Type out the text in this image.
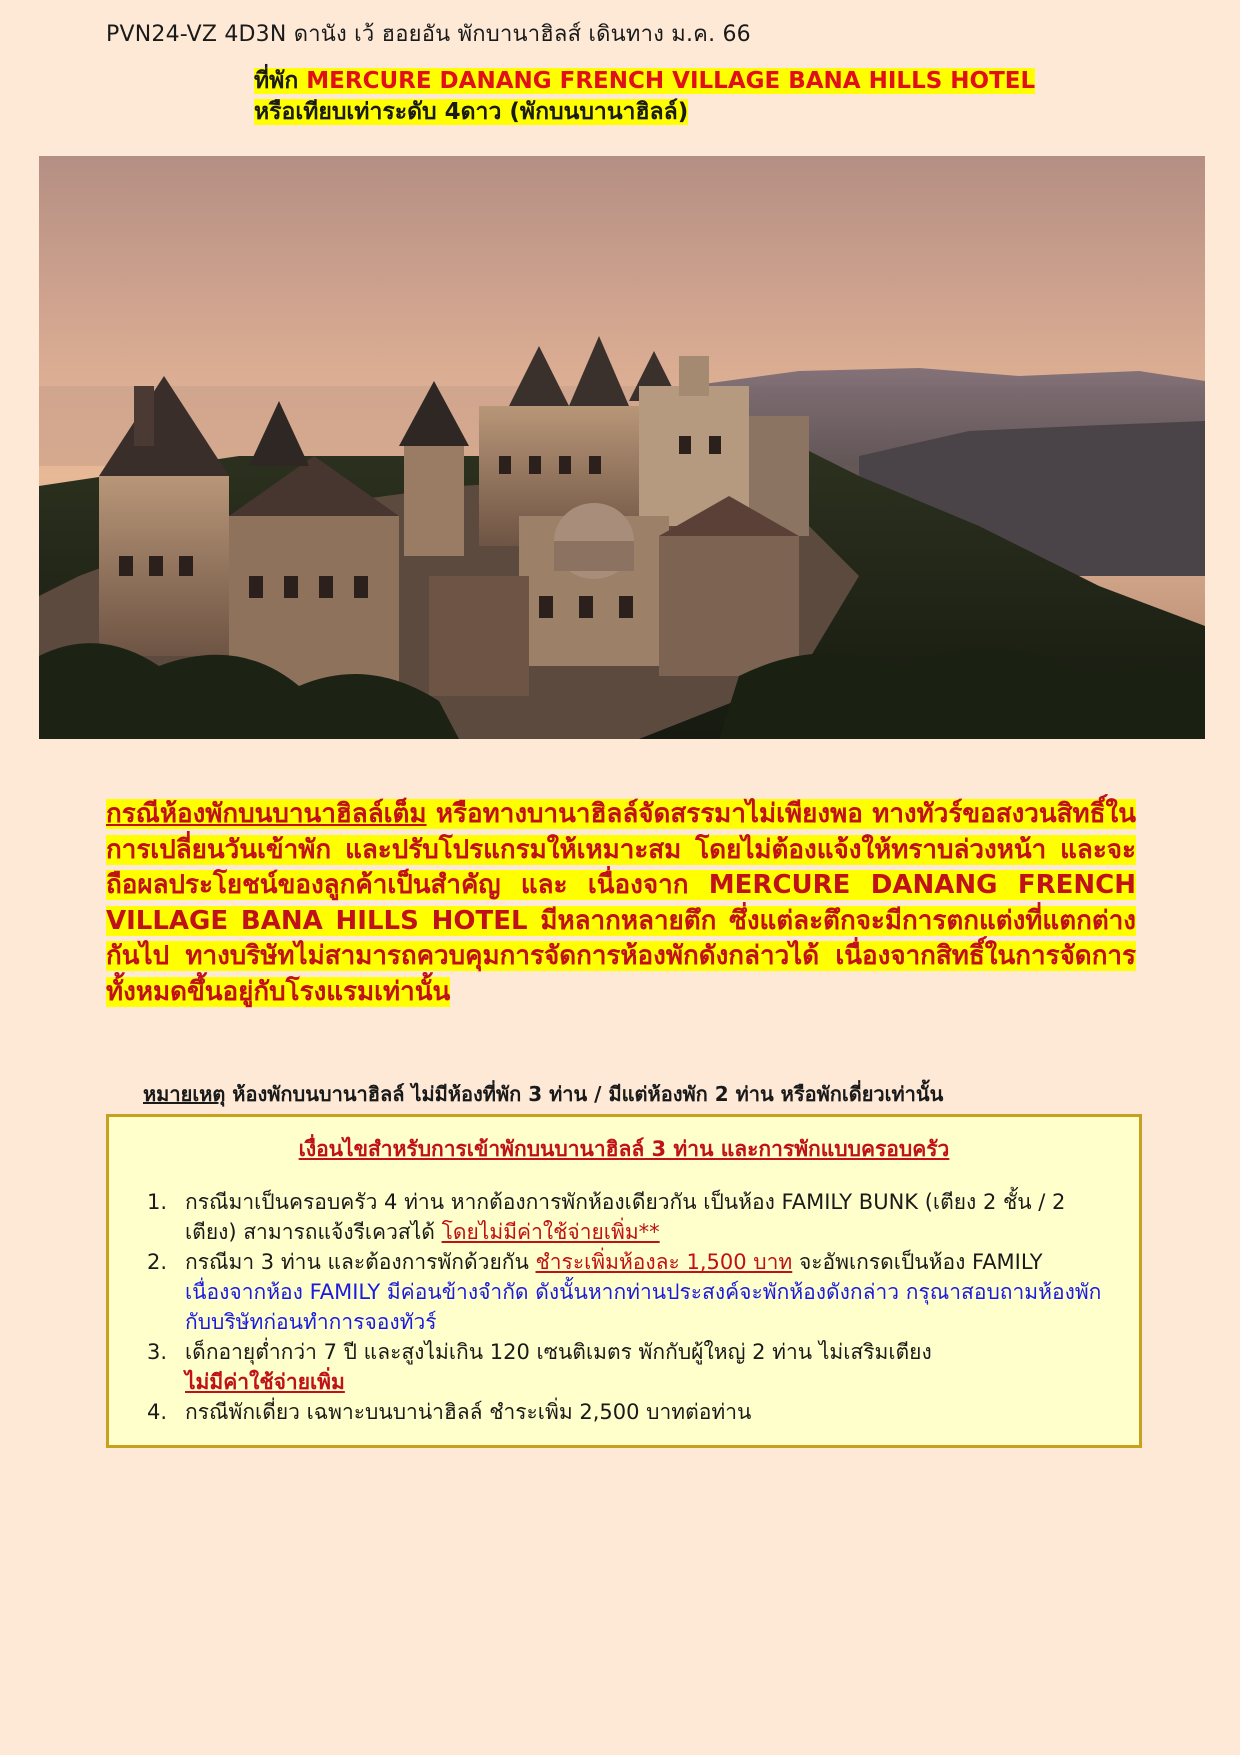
PVN24-VZ 4D3N ดานัง เว้ ฮอยอัน พักบานาฮิลส์ เดินทาง ม.ค. 66
ที่พัก MERCURE DANANG FRENCH VILLAGE BANA HILLS HOTEL
หรือเทียบเท่าระดับ 4ดาว (พักบนบานาฮิลล์)
กรณีห้องพักบนบานาฮิลล์เต็ม หรือทางบานาฮิลล์จัดสรรมาไม่เพียงพอ ทางทัวร์ขอสงวนสิทธิ์ในการเปลี่ยนวันเข้าพัก และปรับโปรแกรมให้เหมาะสม โดยไม่ต้องแจ้งให้ทราบล่วงหน้า และจะถือผลประโยชน์ของลูกค้าเป็นสำคัญ และ เนื่องจาก MERCURE DANANG FRENCH VILLAGE BANA HILLS HOTEL มีหลากหลายตึก ซึ่งแต่ละตึกจะมีการตกแต่งที่แตกต่างกันไป ทางบริษัทไม่สามารถควบคุมการจัดการห้องพักดังกล่าวได้ เนื่องจากสิทธิ์ในการจัดการทั้งหมดขึ้นอยู่กับโรงแรมเท่านั้น
หมายเหตุ ห้องพักบนบานาฮิลล์ ไม่มีห้องที่พัก 3 ท่าน / มีแต่ห้องพัก 2 ท่าน หรือพักเดี่ยวเท่านั้น
เงื่อนไขสำหรับการเข้าพักบนบานาฮิลล์ 3 ท่าน และการพักแบบครอบครัว
1. กรณีมาเป็นครอบครัว 4 ท่าน หากต้องการพักห้องเดียวกัน เป็นห้อง FAMILY BUNK (เตียง 2 ชั้น / 2 เตียง) สามารถแจ้งรีเควสได้ โดยไม่มีค่าใช้จ่ายเพิ่ม**
2. กรณีมา 3 ท่าน และต้องการพักด้วยกัน ชำระเพิ่มห้องละ 1,500 บาท จะอัพเกรดเป็นห้อง FAMILY เนื่องจากห้อง FAMILY มีค่อนข้างจำกัด ดังนั้นหากท่านประสงค์จะพักห้องดังกล่าว กรุณาสอบถามห้องพักกับบริษัทก่อนทำการจองทัวร์
3. เด็กอายุต่ำกว่า 7 ปี และสูงไม่เกิน 120 เซนติเมตร พักกับผู้ใหญ่ 2 ท่าน ไม่เสริมเตียง
ไม่มีค่าใช้จ่ายเพิ่ม
4. กรณีพักเดี่ยว เฉพาะบนบาน่าฮิลล์ ชำระเพิ่ม 2,500 บาทต่อท่าน
